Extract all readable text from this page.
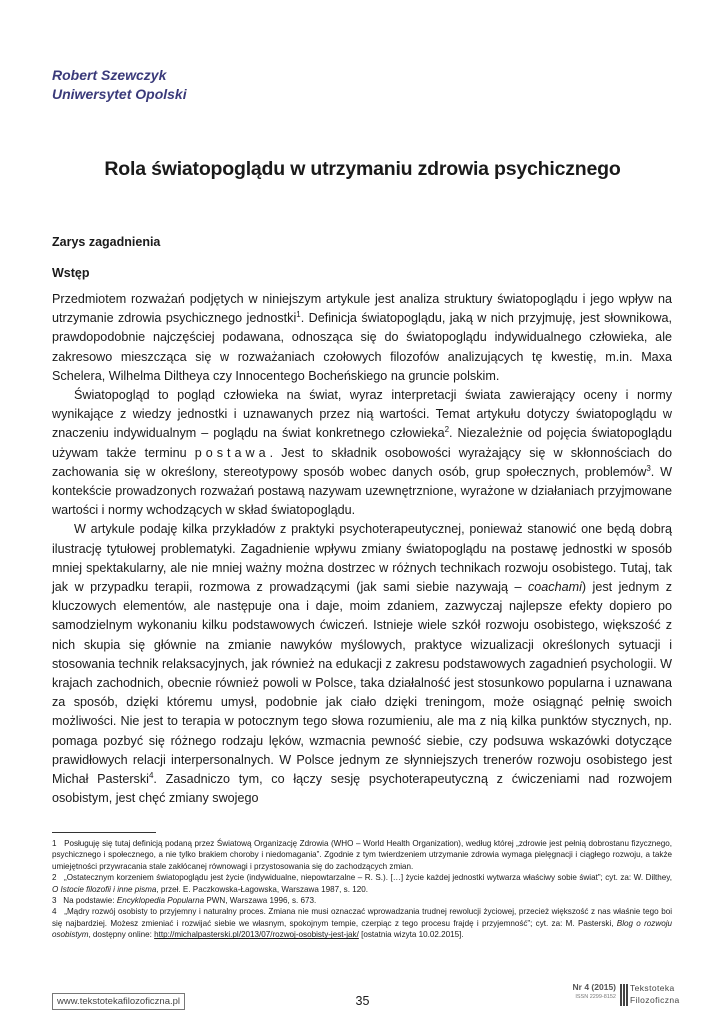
Robert Szewczyk
Uniwersytet Opolski
Rola światopoglądu w utrzymaniu zdrowia psychicznego
Zarys zagadnienia
Wstęp

Przedmiotem rozważań podjętych w niniejszym artykule jest analiza struktury światopoglądu i jego wpływ na utrzymanie zdrowia psychicznego jednostki$^1$. Definicja światopoglądu, jaką w nich przyjmuję, jest słownikowa, prawdopodobnie najczęściej podawana, odnosząca się do światopoglądu indywidualnego człowieka, ale zakresowo mieszcząca się w rozważaniach czołowych filozofów analizujących tę kwestię, m.in. Maxa Schelera, Wilhelma Diltheya czy Innocentego Bocheńskiego na gruncie polskim.

Światopogląd to pogląd człowieka na świat, wyraz interpretacji świata zawierający oceny i normy wynikające z wiedzy jednostki i uznawanych przez nią wartości. Temat artykułu dotyczy światopoglądu w znaczeniu indywidualnym – poglądu na świat konkretnego człowieka$^2$. Niezależnie od pojęcia światopoglądu używam także terminu postawa. Jest to składnik osobowości wyrażający się w skłonnościach do zachowania się w określony, stereotypowy sposób wobec danych osób, grup społecznych, problemów$^3$. W kontekście prowadzonych rozważań postawą nazywam uzewnętrznione, wyrażone w działaniach przyjmowane wartości i normy wchodzących w skład światopoglądu.

W artykule podaję kilka przykładów z praktyki psychoterapeutycznej, ponieważ stanowić one będą dobrą ilustrację tytułowej problematyki. Zagadnienie wpływu zmiany światopoglądu na postawę jednostki w sposób mniej spektakularny, ale nie mniej ważny można dostrzec w różnych technikach rozwoju osobistego. Tutaj, tak jak w przypadku terapii, rozmowa z prowadzącymi (jak sami siebie nazywają – coachami) jest jednym z kluczowych elementów, ale następuje ona i daje, moim zdaniem, zazwyczaj najlepsze efekty dopiero po samodzielnym wykonaniu kilku podstawowych ćwiczeń. Istnieje wiele szkół rozwoju osobistego, większość z nich skupia się głównie na zmianie nawyków myślowych, praktyce wizualizacji określonych sytuacji i stosowania technik relaksacyjnych, jak również na edukacji z zakresu podstawowych zagadnień psychologii. W krajach zachodnich, obecnie również powoli w Polsce, taka działalność jest stosunkowo popularna i uznawana za sposób, dzięki któremu umysł, podobnie jak ciało dzięki treningom, może osiągnąć pełnię swoich możliwości. Nie jest to terapia w potocznym tego słowa rozumieniu, ale ma z nią kilka punktów stycznych, np. pomaga pozbyć się różnego rodzaju lęków, wzmacnia pewność siebie, czy podsuwa wskazówki dotyczące prawidłowych relacji interpersonalnych. W Polsce jednym ze słynniejszych trenerów rozwoju osobistego jest Michał Pasterski$^4$. Zasadniczo tym, co łączy sesję psychoterapeutyczną z ćwiczeniami nad rozwojem osobistym, jest chęć zmiany swojego

1 Posługuję się tutaj definicją podaną przez Światową Organizację Zdrowia (WHO – World Health Organization), według której „zdrowie jest pełnią dobrostanu fizycznego, psychicznego i społecznego, a nie tylko brakiem choroby i niedomagania”. Zgodnie z tym twierdzeniem utrzymanie zdrowia wymaga pielęgnacji i ciągłego rozwoju, a także umiejętności przywracania stale zakłócanej równowagi i przystosowania się do zachodzących zmian.

2 „Ostatecznym korzeniem światopoglądu jest życie (indywidualne, niepowtarzalne – R. S.). […] życie każdej jednostki wytwarza właściwy sobie świat”; cyt. za: W. Dilthey, O Istocie filozofii i inne pisma, przeł. E. Paczkowska-Łagowska, Warszawa 1987, s. 120.

3 Na podstawie: Encyklopedia Popularna PWN, Warszawa 1996, s. 673.

4 „Mądry rozwój osobisty to przyjemny i naturalny proces. Zmiana nie musi oznaczać wprowadzania trudnej rewolucji życiowej, przecież większość z nas właśnie tego boi się najbardziej. Możesz zmieniać i rozwijać siebie we własnym, spokojnym tempie, czerpiąc z tego procesu frajdę i przyjemność”; cyt. za: M. Pasterski, Blog o rozwoju osobistym, dostępny online: http://michalpasterski.pl/2013/07/rozwoj-osobisty-jest-jak/ [ostatnia wizyta 10.02.2015].

www.tekstotekafilozoficzna.pl	35
Nr 4 (2015)
ISSN 2299-8152
Tekstoteka
Filozoficzna
